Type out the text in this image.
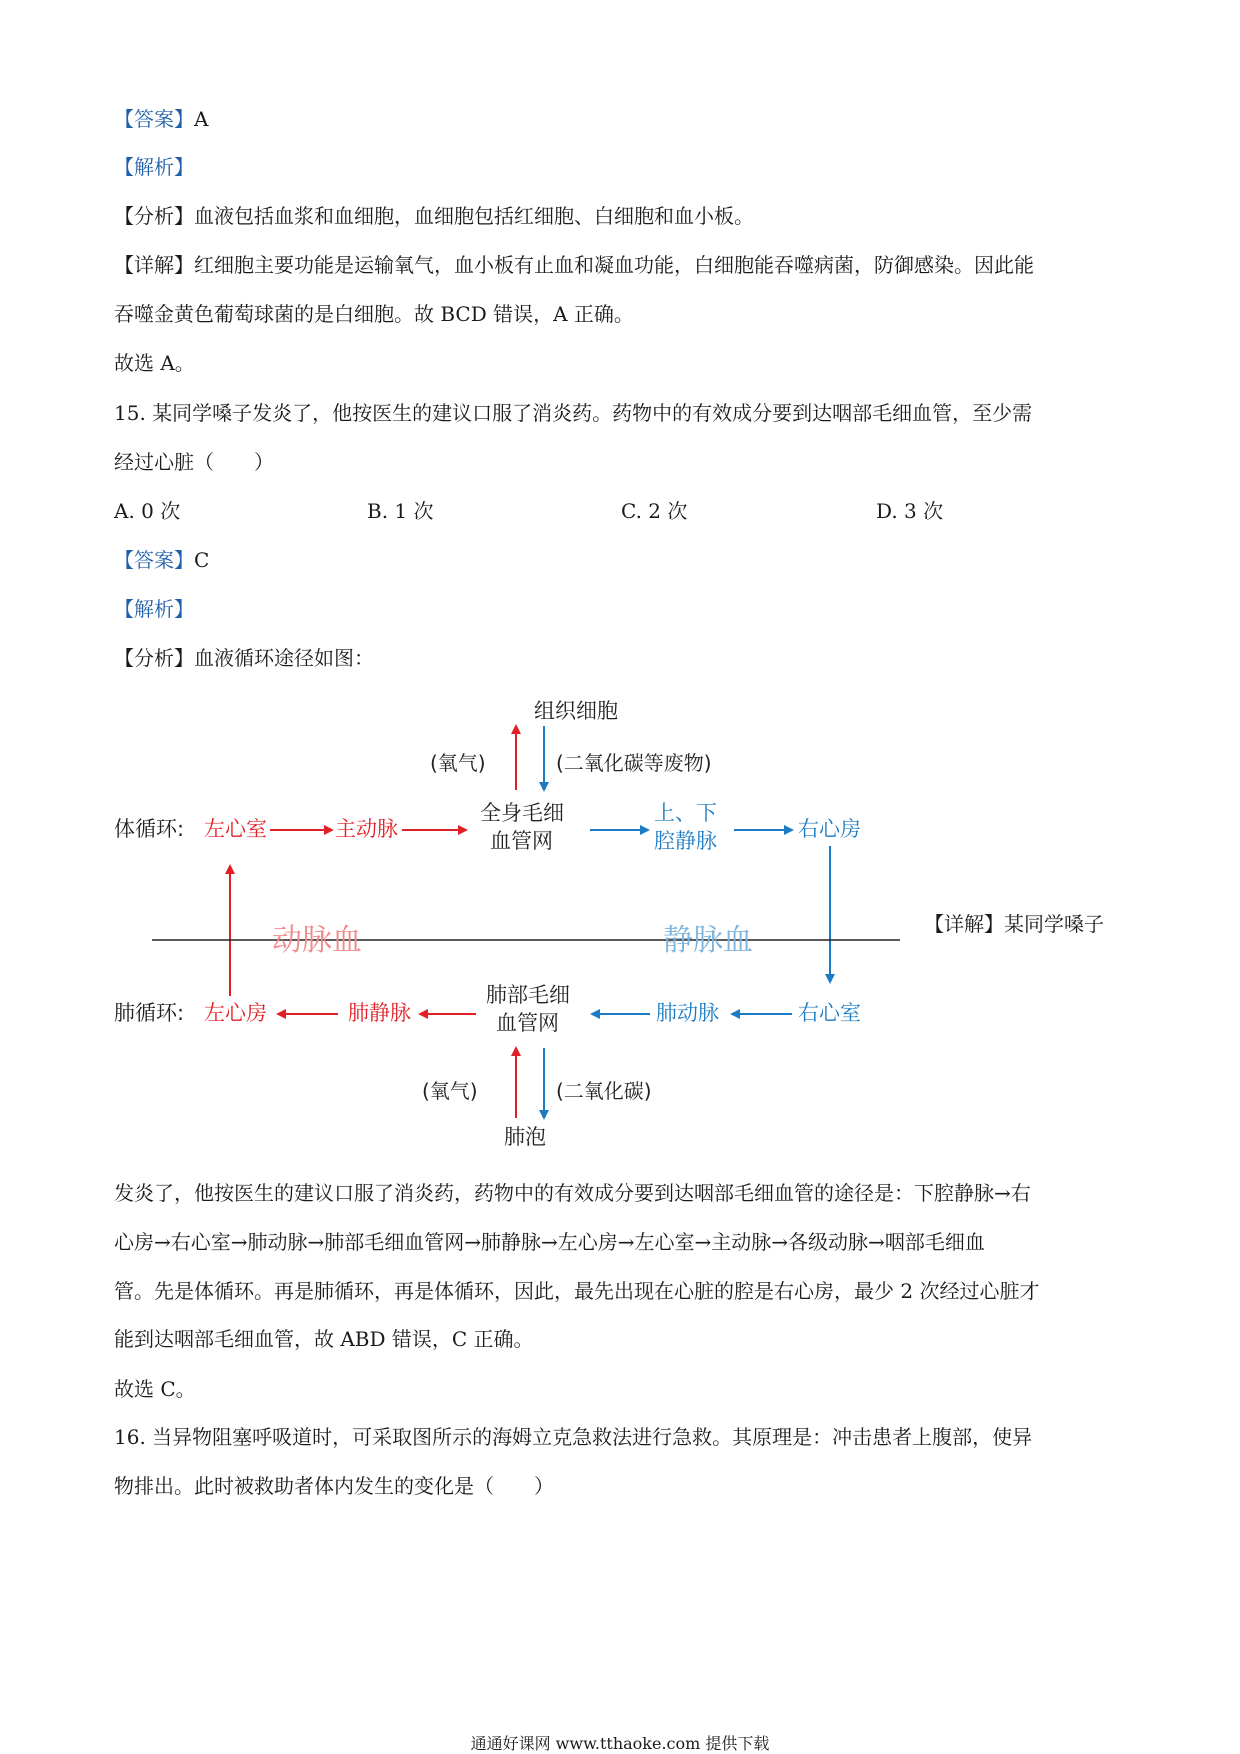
【答案】A
【解析】
【分析】血液包括血浆和血细胞，血细胞包括红细胞、白细胞和血小板。
【详解】红细胞主要功能是运输氧气，血小板有止血和凝血功能，白细胞能吞噬病菌，防御感染。因此能
吞噬金黄色葡萄球菌的是白细胞。故 BCD 错误，A 正确。
故选 A。
15. 某同学嗓子发炎了，他按医生的建议口服了消炎药。药物中的有效成分要到达咽部毛细血管，至少需
经过心脏（　　）
A. 0 次	B. 1 次	C. 2 次	D. 3 次
【答案】C
【解析】
【分析】血液循环途径如图：
组织细胞
(氧气)	(二氧化碳等废物)
体循环: 左心室	主动脉
全身毛细
血管网
上、下
腔静脉	右心房
动脉血	静脉血
肺循环: 左心房	肺静脉
肺部毛细
血管网	肺动脉	右心室
(氧气)	(二氧化碳)
肺泡
【详解】某同学嗓子
发炎了，他按医生的建议口服了消炎药，药物中的有效成分要到达咽部毛细血管的途径是：下腔静脉→右
心房→右心室→肺动脉→肺部毛细血管网→肺静脉→左心房→左心室→主动脉→各级动脉→咽部毛细血
管。先是体循环。再是肺循环，再是体循环，因此，最先出现在心脏的腔是右心房，最少 2 次经过心脏才
能到达咽部毛细血管，故 ABD 错误，C 正确。
故选 C。
16. 当异物阻塞呼吸道时，可采取图所示的海姆立克急救法进行急救。其原理是：冲击患者上腹部，使异
物排出。此时被救助者体内发生的变化是（　　）
通通好课网 www.tthaoke.com 提供下载
